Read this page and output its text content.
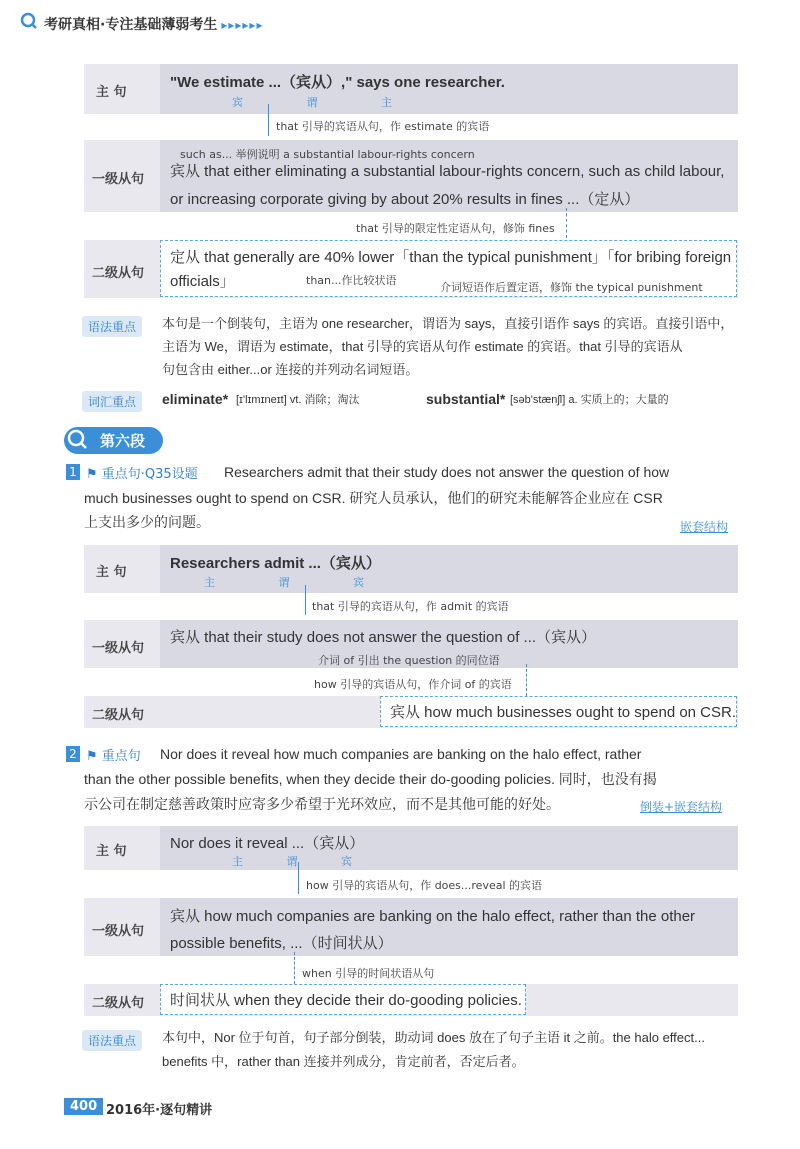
考研真相·专注基础薄弱考生 ▸▸▸▸▸▸
主 句
"We estimate ...（宾从）," says one researcher.
宾 谓 主
that 引导的宾语从句，作 estimate 的宾语
一级从句
such as... 举例说明 a substantial labour-rights concern
宾从 that either eliminating a substantial labour-rights concern, such as child labour,
or increasing corporate giving by about 20% results in fines ...（定从）
that 引导的限定性定语从句，修饰 fines
二级从句
定从 that generally are 40% lower「than the typical punishment」「for bribing foreign
officials」	than...作比较状语
介词短语作后置定语，修饰 the typical punishment
语法重点	本句是一个倒装句，主语为 one researcher，谓语为 says，直接引语作 says 的宾语。直接引语中，
主语为 We，谓语为 estimate，that 引导的宾语从句作 estimate 的宾语。that 引导的宾语从
句包含由 either...or 连接的并列动名词短语。
词汇重点	eliminate* [ɪ'lɪmɪneɪt] vt. 消除；淘汰	substantial* [səb'stænʃl] a. 实质上的；大量的
第六段
1 ⚑ 重点句·Q35设题 Researchers admit that their study does not answer the question of how
much businesses ought to spend on CSR. 研究人员承认，他们的研究未能解答企业应在 CSR
上支出多少的问题。	嵌套结构
主 句
Researchers admit ...（宾从）
主 谓 宾
that 引导的宾语从句，作 admit 的宾语
一级从句
宾从 that their study does not answer the question of ...（宾从）
介词 of 引出 the question 的同位语
how 引导的宾语从句，作介词 of 的宾语
二级从句	宾从 how much businesses ought to spend on CSR.
2 ⚑ 重点句 Nor does it reveal how much companies are banking on the halo effect, rather
than the other possible benefits, when they decide their do-gooding policies. 同时，也没有揭
示公司在制定慈善政策时应寄多少希望于光环效应，而不是其他可能的好处。	倒装+嵌套结构
主 句	Nor does it reveal ...（宾从）
主 谓 宾
how 引导的宾语从句，作 does...reveal 的宾语
一级从句
宾从 how much companies are banking on the halo effect, rather than the other
possible benefits, ...（时间状从）
when 引导的时间状语从句
二级从句 时间状从 when they decide their do-gooding policies.
语法重点	本句中，Nor 位于句首，句子部分倒装，助动词 does 放在了句子主语 it 之前。the halo effect...
benefits 中，rather than 连接并列成分，肯定前者，否定后者。
400 2016年·逐句精讲
